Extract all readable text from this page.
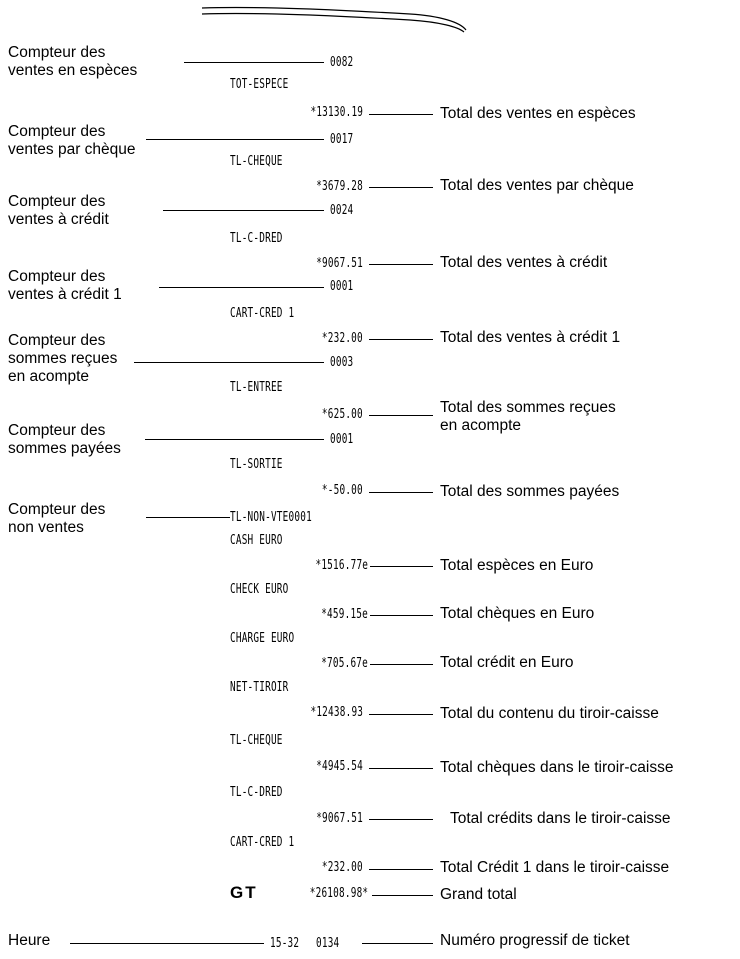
Compteur des
ventes en espèces
Compteur des
ventes par chèque
Compteur des
ventes à crédit
Compteur des
ventes à crédit 1
Compteur des
sommes reçues
en acompte
Compteur des
sommes payées
Compteur des
non ventes
Heure
0082
TOT-ESPECE
*13130.19
0017
TL-CHEQUE
*3679.28
0024
TL-C-DRED
*9067.51
0001
CART-CRED 1
*232.00
0003
TL-ENTREE
*625.00
0001
TL-SORTIE
*-50.00
TL-NON-VTE0001
CASH EURO
*1516.77e
CHECK EURO
*459.15e
CHARGE EURO
*705.67e
NET-TIROIR
*12438.93
TL-CHEQUE
*4945.54
TL-C-DRED
*9067.51
CART-CRED 1
*232.00
GT	*26108.98*
15-32 0134
Total des ventes en espèces
Total des ventes par chèque
Total des ventes à crédit
Total des ventes à crédit 1
Total des sommes reçues
en acompte
Total des sommes payées
Total espèces en Euro
Total chèques en Euro
Total crédit en Euro
Total du contenu du tiroir-caisse
Total chèques dans le tiroir-caisse
Total crédits dans le tiroir-caisse
Total Crédit 1 dans le tiroir-caisse
Grand total
Numéro progressif de ticket
